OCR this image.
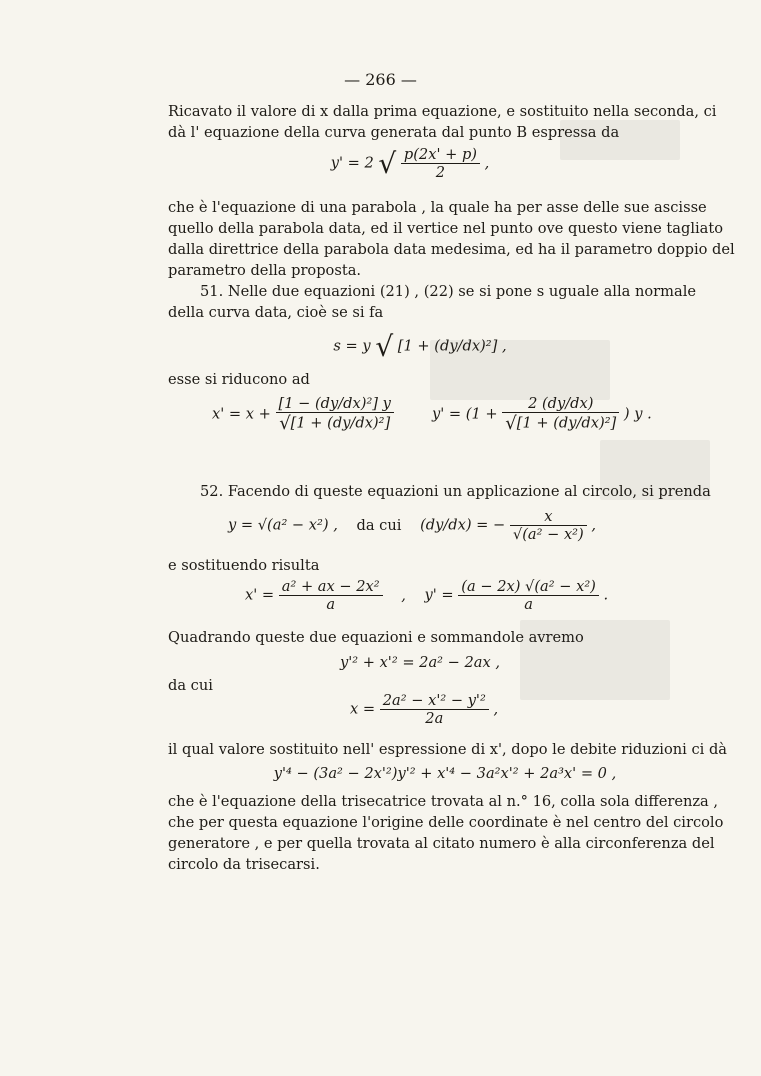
— 266 —
Ricavato il valore di x dalla prima equazione, e sostituito nella seconda, ci
dà l' equazione della curva generata dal punto B espressa da
y' = 2 √ $\frac{p(2x' + p)}{2}$ ,
che è l'equazione di una parabola , la quale ha per asse delle sue ascisse
quello della parabola data, ed il vertice nel punto ove questo viene tagliato
dalla direttrice della parabola data medesima, ed ha il parametro doppio del
parametro della proposta.
51. Nelle due equazioni (21) , (22) se si pone s uguale alla normale
della curva data, cioè se si fa
s = y √ [1 + (dy/dx)²] ,
esse si riducono ad
$x' = x + \frac{\text{[1 − (dy/dx)²] y}}{\text{√[1 + (dy/dx)²]}}$	$y' = (1 + \frac{2 (dy/dx)}{\text{√[1 + (dy/dx)²]}}$ ) y .
52. Facendo di queste equazioni un applicazione al circolo, si prenda
y = √(a² − x²) , da cui (dy/dx) = − $\frac{x}{\text{√(a² − x²)}}$ ,
e sostituendo risulta
$x' = \frac{\text{a² + ax − 2x²}}{a}$ , $y' = \frac{\text{(a − 2x) √(a² − x²)}}{a}$ .
Quadrando queste due equazioni e sommandole avremo
y'² + x'² = 2a² − 2ax ,
da cui
$x = \frac{\text{2a² − x'² − y'²}}{2a}$ ,
il qual valore sostituito nell' espressione di x', dopo le debite riduzioni ci dà
y'⁴ − (3a² − 2x'²)y'² + x'⁴ − 3a²x'² + 2a³x' = 0 ,
che è l'equazione della trisecatrice trovata al n.° 16, colla sola differenza ,
che per questa equazione l'origine delle coordinate è nel centro del circolo
generatore , e per quella trovata al citato numero è alla circonferenza del
circolo da trisecarsi.
